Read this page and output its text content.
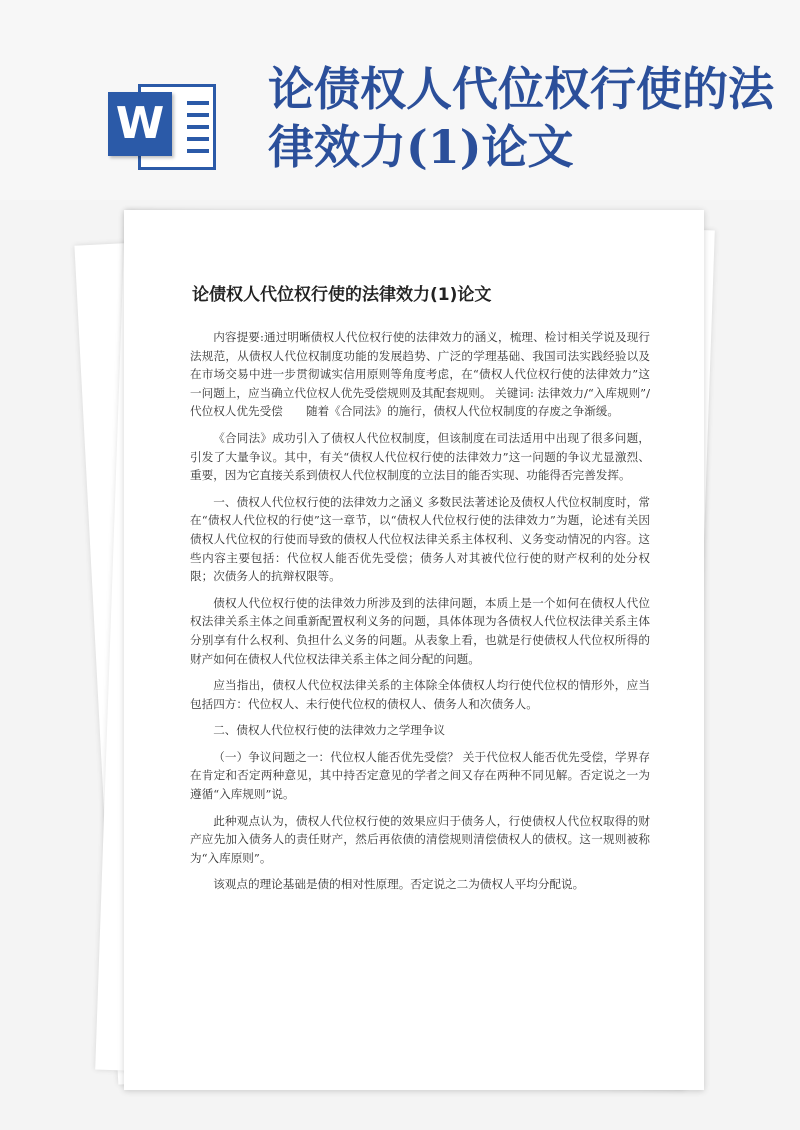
W
论债权人代位权行使的法律效力(1)论文
论债权人代位权行使的法律效力(1)论文

内容提要:通过明晰债权人代位权行使的法律效力的涵义，梳理、检讨相关学说及现行法规范，从债权人代位权制度功能的发展趋势、广泛的学理基础、我国司法实践经验以及在市场交易中进一步贯彻诚实信用原则等角度考虑，在“债权人代位权行使的法律效力”这一问题上，应当确立代位权人优先受偿规则及其配套规则。 关键词: 法律效力/“入库规则”/代位权人优先受偿　　随着《合同法》的施行，债权人代位权制度的存废之争渐缓。

《合同法》成功引入了债权人代位权制度，但该制度在司法适用中出现了很多问题，引发了大量争议。其中，有关“债权人代位权行使的法律效力”这一问题的争议尤显激烈、重要，因为它直接关系到债权人代位权制度的立法目的能否实现、功能得否完善发挥。

一、债权人代位权行使的法律效力之涵义 多数民法著述论及债权人代位权制度时，常在“债权人代位权的行使”这一章节，以“债权人代位权行使的法律效力”为题，论述有关因债权人代位权的行使而导致的债权人代位权法律关系主体权利、义务变动情况的内容。这些内容主要包括：代位权人能否优先受偿；债务人对其被代位行使的财产权利的处分权限；次债务人的抗辩权限等。

债权人代位权行使的法律效力所涉及到的法律问题，本质上是一个如何在债权人代位权法律关系主体之间重新配置权利义务的问题，具体体现为各债权人代位权法律关系主体分别享有什么权利、负担什么义务的问题。从表象上看，也就是行使债权人代位权所得的财产如何在债权人代位权法律关系主体之间分配的问题。

应当指出，债权人代位权法律关系的主体除全体债权人均行使代位权的情形外，应当包括四方：代位权人、未行使代位权的债权人、债务人和次债务人。

二、债权人代位权行使的法律效力之学理争议

（一）争议问题之一：代位权人能否优先受偿？ 关于代位权人能否优先受偿，学界存在肯定和否定两种意见，其中持否定意见的学者之间又存在两种不同见解。否定说之一为遵循“入库规则”说。

此种观点认为，债权人代位权行使的效果应归于债务人，行使债权人代位权取得的财产应先加入债务人的责任财产，然后再依债的清偿规则清偿债权人的债权。这一规则被称为“入库原则”。

该观点的理论基础是债的相对性原理。否定说之二为债权人平均分配说。
